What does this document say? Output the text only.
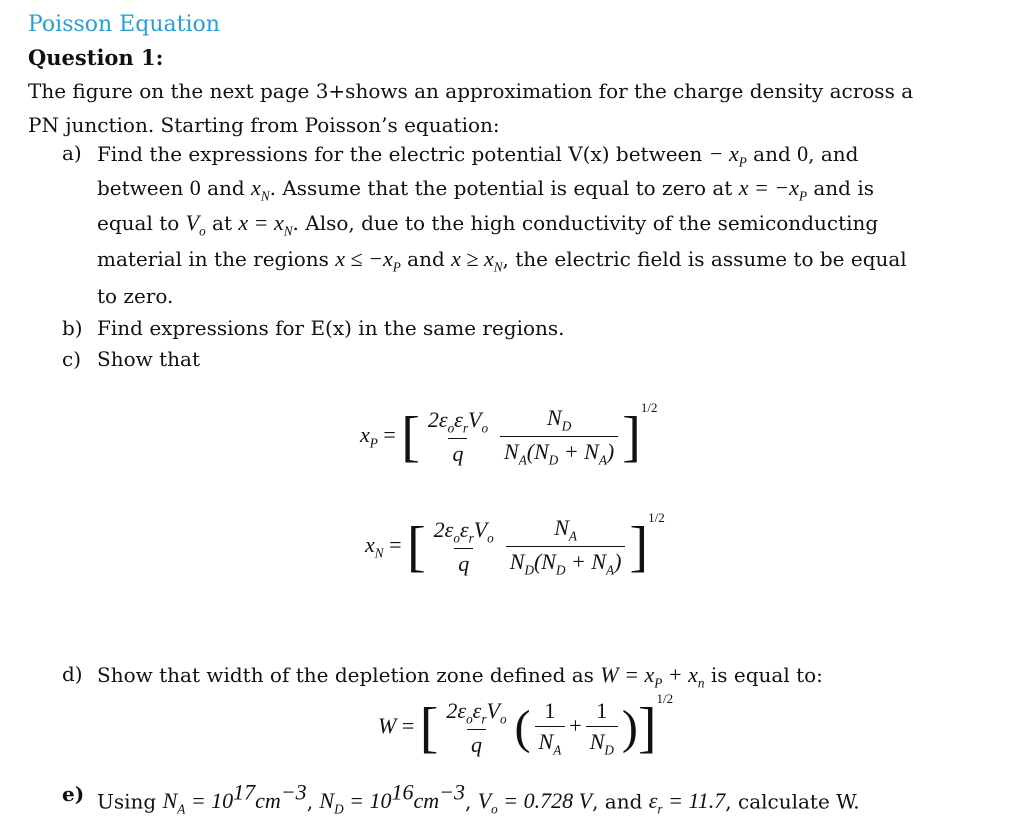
Poisson Equation
Question 1:
The figure on the next page 3+shows an approximation for the charge density across a
PN junction. Starting from Poisson’s equation:
a) Find the expressions for the electric potential V(x) between − $x_P$ and 0, and
between 0 and $x_N$. Assume that the potential is equal to zero at $x = -x_P$ and is
equal to $V_o$ at $x = x_N$. Also, due to the high conductivity of the semiconducting
material in the regions $x \le -x_P$ and $x \ge x_N$, the electric field is assume to be equal
to zero.
b) Find expressions for E(x) in the same regions.
c) Show that
$x_P$ = [ $\frac{2\varepsilon_o\varepsilon_rV_o}{q} \frac{N_D}{N_A(N_D + N_A)} ]^{1/2}$
$x_N$ = [ $\frac{2\varepsilon_o\varepsilon_rV_o}{q} \frac{N_A}{N_D(N_D + N_A)} ]^{1/2}$
d) Show that width of the depletion zone defined as $W = x_P + x_n$ is equal to:
W = [ $\frac{2\varepsilon_o\varepsilon_rV_o}{q}$ ( $\frac{1}{N_A} + \frac{1}{N_D} )]^{1/2}$
e) Using $N_A = 10^{17}cm^{-3}$, $N_D = 10^{16}cm^{-3}$, $V_o = 0.728$ V, and $\varepsilon_r = 11.7$, calculate W.
